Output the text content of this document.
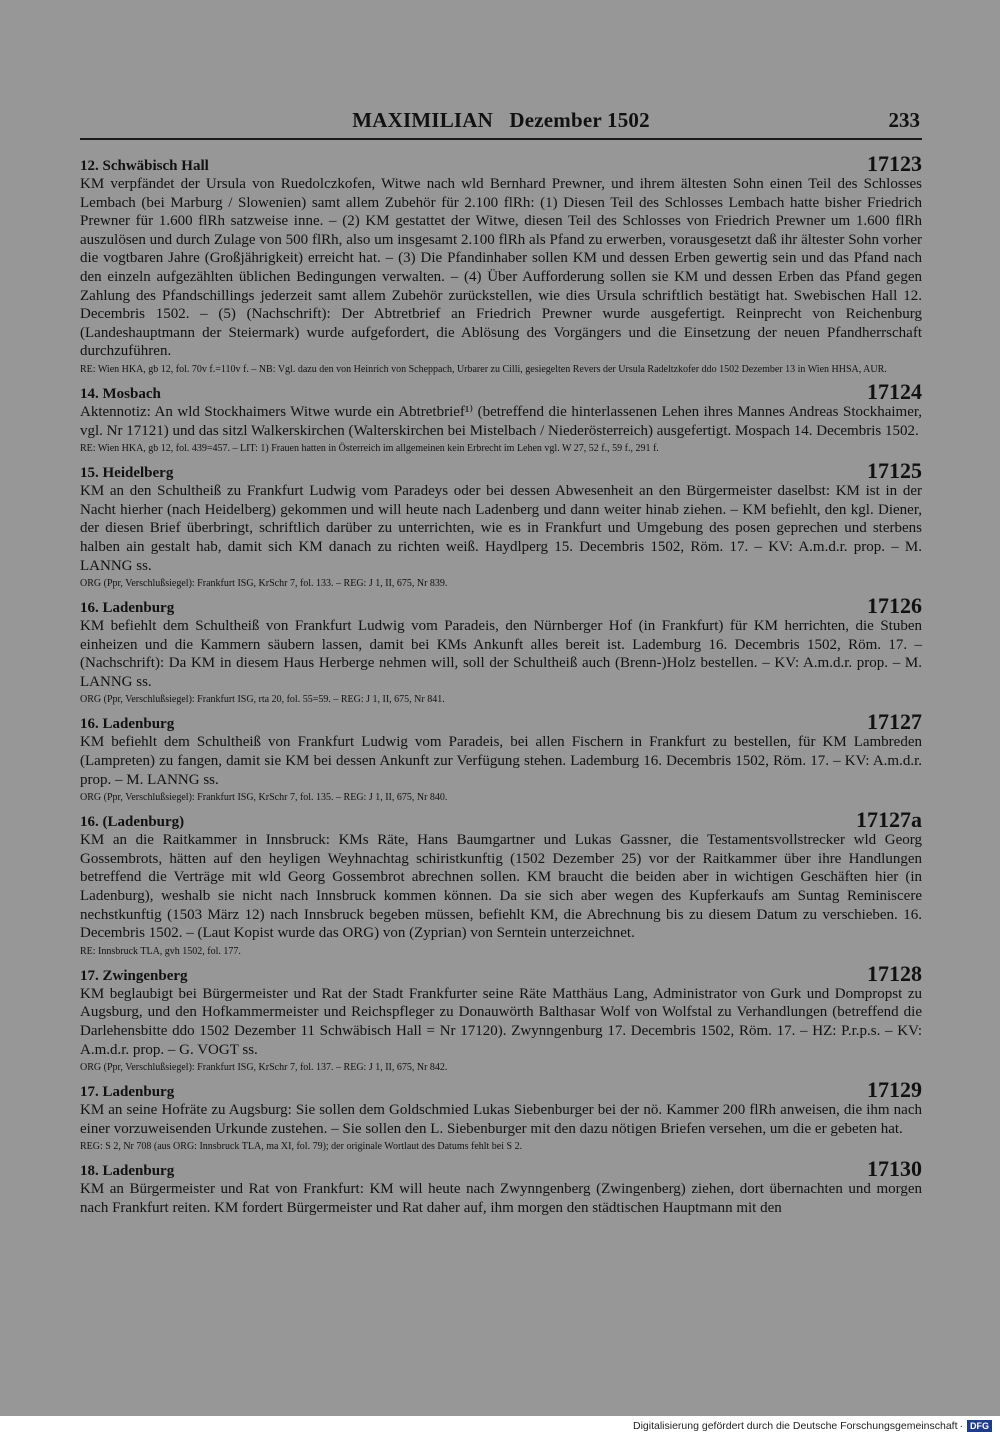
MAXIMILIAN   Dezember 1502	233
12. Schwäbisch Hall	17123

KM verpfändet der Ursula von Ruedolczkofen, Witwe nach wld Bernhard Prewner, und ihrem ältesten Sohn einen Teil des Schlosses Lembach (bei Marburg / Slowenien) samt allem Zubehör für 2.100 flRh: (1) Diesen Teil des Schlosses Lembach hatte bisher Friedrich Prewner für 1.600 flRh satzweise inne. – (2) KM gestattet der Witwe, diesen Teil des Schlosses von Friedrich Prewner um 1.600 flRh auszulösen und durch Zulage von 500 flRh, also um insgesamt 2.100 flRh als Pfand zu erwerben, vorausgesetzt daß ihr ältester Sohn vorher die vogtbaren Jahre (Großjährigkeit) erreicht hat. – (3) Die Pfandinhaber sollen KM und dessen Erben gewertig sein und das Pfand nach den einzeln aufgezählten üblichen Bedingungen verwalten. – (4) Über Aufforderung sollen sie KM und dessen Erben das Pfand gegen Zahlung des Pfandschillings jederzeit samt allem Zubehör zurückstellen, wie dies Ursula schriftlich bestätigt hat. Swebischen Hall 12. Decembris 1502. – (5) (Nachschrift): Der Abtretbrief an Friedrich Prewner wurde ausgefertigt. Reinprecht von Reichenburg (Landeshauptmann der Steiermark) wurde aufgefordert, die Ablösung des Vorgängers und die Einsetzung der neuen Pfandherrschaft durchzuführen.

RE: Wien HKA, gb 12, fol. 70v f.=110v f. – NB: Vgl. dazu den von Heinrich von Scheppach, Urbarer zu Cilli, gesiegelten Revers der Ursula Radeltzkofer ddo 1502 Dezember 13 in Wien HHSA, AUR.

14. Mosbach	17124

Aktennotiz: An wld Stockhaimers Witwe wurde ein Abtretbrief¹⁾ (betreffend die hinterlassenen Lehen ihres Mannes Andreas Stockhaimer, vgl. Nr 17121) und das sitzl Walkerskirchen (Walterskirchen bei Mistelbach / Niederösterreich) ausgefertigt. Mospach 14. Decembris 1502.

RE: Wien HKA, gb 12, fol. 439=457. – LIT: 1) Frauen hatten in Österreich im allgemeinen kein Erbrecht im Lehen vgl. W 27, 52 f., 59 f., 291 f.

15. Heidelberg	17125

KM an den Schultheiß zu Frankfurt Ludwig vom Paradeys oder bei dessen Abwesenheit an den Bürgermeister daselbst: KM ist in der Nacht hierher (nach Heidelberg) gekommen und will heute nach Ladenberg und dann weiter hinab ziehen. – KM befiehlt, den kgl. Diener, der diesen Brief überbringt, schriftlich darüber zu unterrichten, wie es in Frankfurt und Umgebung des posen geprechen und sterbens halben ain gestalt hab, damit sich KM danach zu richten weiß. Haydlperg 15. Decembris 1502, Röm. 17. – KV: A.m.d.r. prop. – M. LANNG ss.

ORG (Ppr, Verschlußsiegel): Frankfurt ISG, KrSchr 7, fol. 133. – REG: J 1, II, 675, Nr 839.

16. Ladenburg	17126

KM befiehlt dem Schultheiß von Frankfurt Ludwig vom Paradeis, den Nürnberger Hof (in Frankfurt) für KM herrichten, die Stuben einheizen und die Kammern säubern lassen, damit bei KMs Ankunft alles bereit ist. Lademburg 16. Decembris 1502, Röm. 17. – (Nachschrift): Da KM in diesem Haus Herberge nehmen will, soll der Schultheiß auch (Brenn-)Holz bestellen. – KV: A.m.d.r. prop. – M. LANNG ss.

ORG (Ppr, Verschlußsiegel): Frankfurt ISG, rta 20, fol. 55=59. – REG: J 1, II, 675, Nr 841.

16. Ladenburg	17127

KM befiehlt dem Schultheiß von Frankfurt Ludwig vom Paradeis, bei allen Fischern in Frankfurt zu bestellen, für KM Lambreden (Lampreten) zu fangen, damit sie KM bei dessen Ankunft zur Verfügung stehen. Lademburg 16. Decembris 1502, Röm. 17. – KV: A.m.d.r. prop. – M. LANNG ss.

ORG (Ppr, Verschlußsiegel): Frankfurt ISG, KrSchr 7, fol. 135. – REG: J 1, II, 675, Nr 840.

16. (Ladenburg)	17127a

KM an die Raitkammer in Innsbruck: KMs Räte, Hans Baumgartner und Lukas Gassner, die Testamentsvollstrecker wld Georg Gossembrots, hätten auf den heyligen Weyhnachtag schiristkunftig (1502 Dezember 25) vor der Raitkammer über ihre Handlungen betreffend die Verträge mit wld Georg Gossembrot abrechnen sollen. KM braucht die beiden aber in wichtigen Geschäften hier (in Ladenburg), weshalb sie nicht nach Innsbruck kommen können. Da sie sich aber wegen des Kupferkaufs am Suntag Reminiscere nechstkunftig (1503 März 12) nach Innsbruck begeben müssen, befiehlt KM, die Abrechnung bis zu diesem Datum zu verschieben. 16. Decembris 1502. – (Laut Kopist wurde das ORG) von (Zyprian) von Serntein unterzeichnet.

RE: Innsbruck TLA, gvh 1502, fol. 177.

17. Zwingenberg	17128

KM beglaubigt bei Bürgermeister und Rat der Stadt Frankfurter seine Räte Matthäus Lang, Administrator von Gurk und Dompropst zu Augsburg, und den Hofkammermeister und Reichspfleger zu Donauwörth Balthasar Wolf von Wolfstal zu Verhandlungen (betreffend die Darlehensbitte ddo 1502 Dezember 11 Schwäbisch Hall = Nr 17120). Zwynngenburg 17. Decembris 1502, Röm. 17. – HZ: P.r.p.s. – KV: A.m.d.r. prop. – G. VOGT ss.

ORG (Ppr, Verschlußsiegel): Frankfurt ISG, KrSchr 7, fol. 137. – REG: J 1, II, 675, Nr 842.

17. Ladenburg	17129

KM an seine Hofräte zu Augsburg: Sie sollen dem Goldschmied Lukas Siebenburger bei der nö. Kammer 200 flRh anweisen, die ihm nach einer vorzuweisenden Urkunde zustehen. – Sie sollen den L. Siebenburger mit den dazu nötigen Briefen versehen, um die er gebeten hat.

REG: S 2, Nr 708 (aus ORG: Innsbruck TLA, ma XI, fol. 79); der originale Wortlaut des Datums fehlt bei S 2.

18. Ladenburg	17130

KM an Bürgermeister und Rat von Frankfurt: KM will heute nach Zwynngenberg (Zwingenberg) ziehen, dort übernachten und morgen nach Frankfurt reiten. KM fordert Bürgermeister und Rat daher auf, ihm morgen den städtischen Hauptmann mit den

Digitalisierung gefördert durch die Deutsche Forschungsgemeinschaft · DFG
